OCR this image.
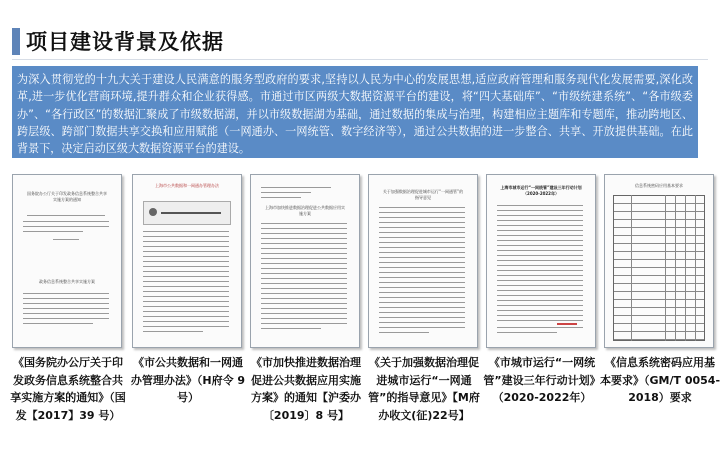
项目建设背景及依据
为深入贯彻党的十九大关于建设人民满意的服务型政府的要求,坚持以人民为中心的发展思想,适应政府管理和服务现代化发展需要,深化改革,进一步优化营商环境,提升群众和企业获得感。市通过市区两级大数据资源平台的建设，将“四大基础库”、“市级统建系统”、“各市级委办”、“各行政区”的数据汇聚成了市级数据湖，并以市级数据湖为基础，通过数据的集成与治理，构建相应主题库和专题库，推动跨地区、跨层级、跨部门数据共享交换和应用赋能（一网通办、一网统管、数字经济等），通过公共数据的进一步整合、共享、开放提供基础。在此背景下，决定启动区级大数据资源平台的建设。
国务院办公厅关于印发政务信息系统整合共享实施方案的通知
政务信息系统整合共享实施方案
《国务院办公厅关于印发政务信息系统整合共享实施方案的通知》（国发【2017】39 号）
上海市公共数据和一网通办管理办法
《市公共数据和一网通办管理办法》（H府令 9 号）
上海市加快推进数据治理促进公共数据应用实施方案
《市加快推进数据治理促进公共数据应用实施方案》的通知【沪委办〔2019〕8 号】
关于加强数据治理促进城市运行“一网通管”的指导意见
《关于加强数据治理促进城市运行“一网通管”的指导意见》【M府办收文(征)22号】
上海市城市运行“一网统管”建设三年行动计划（2020-2022年）
《市城市运行“一网统管”建设三年行动计划》（2020-2022年）
信息系统密码应用基本要求
《信息系统密码应用基本要求》（GM/T 0054-2018）要求
